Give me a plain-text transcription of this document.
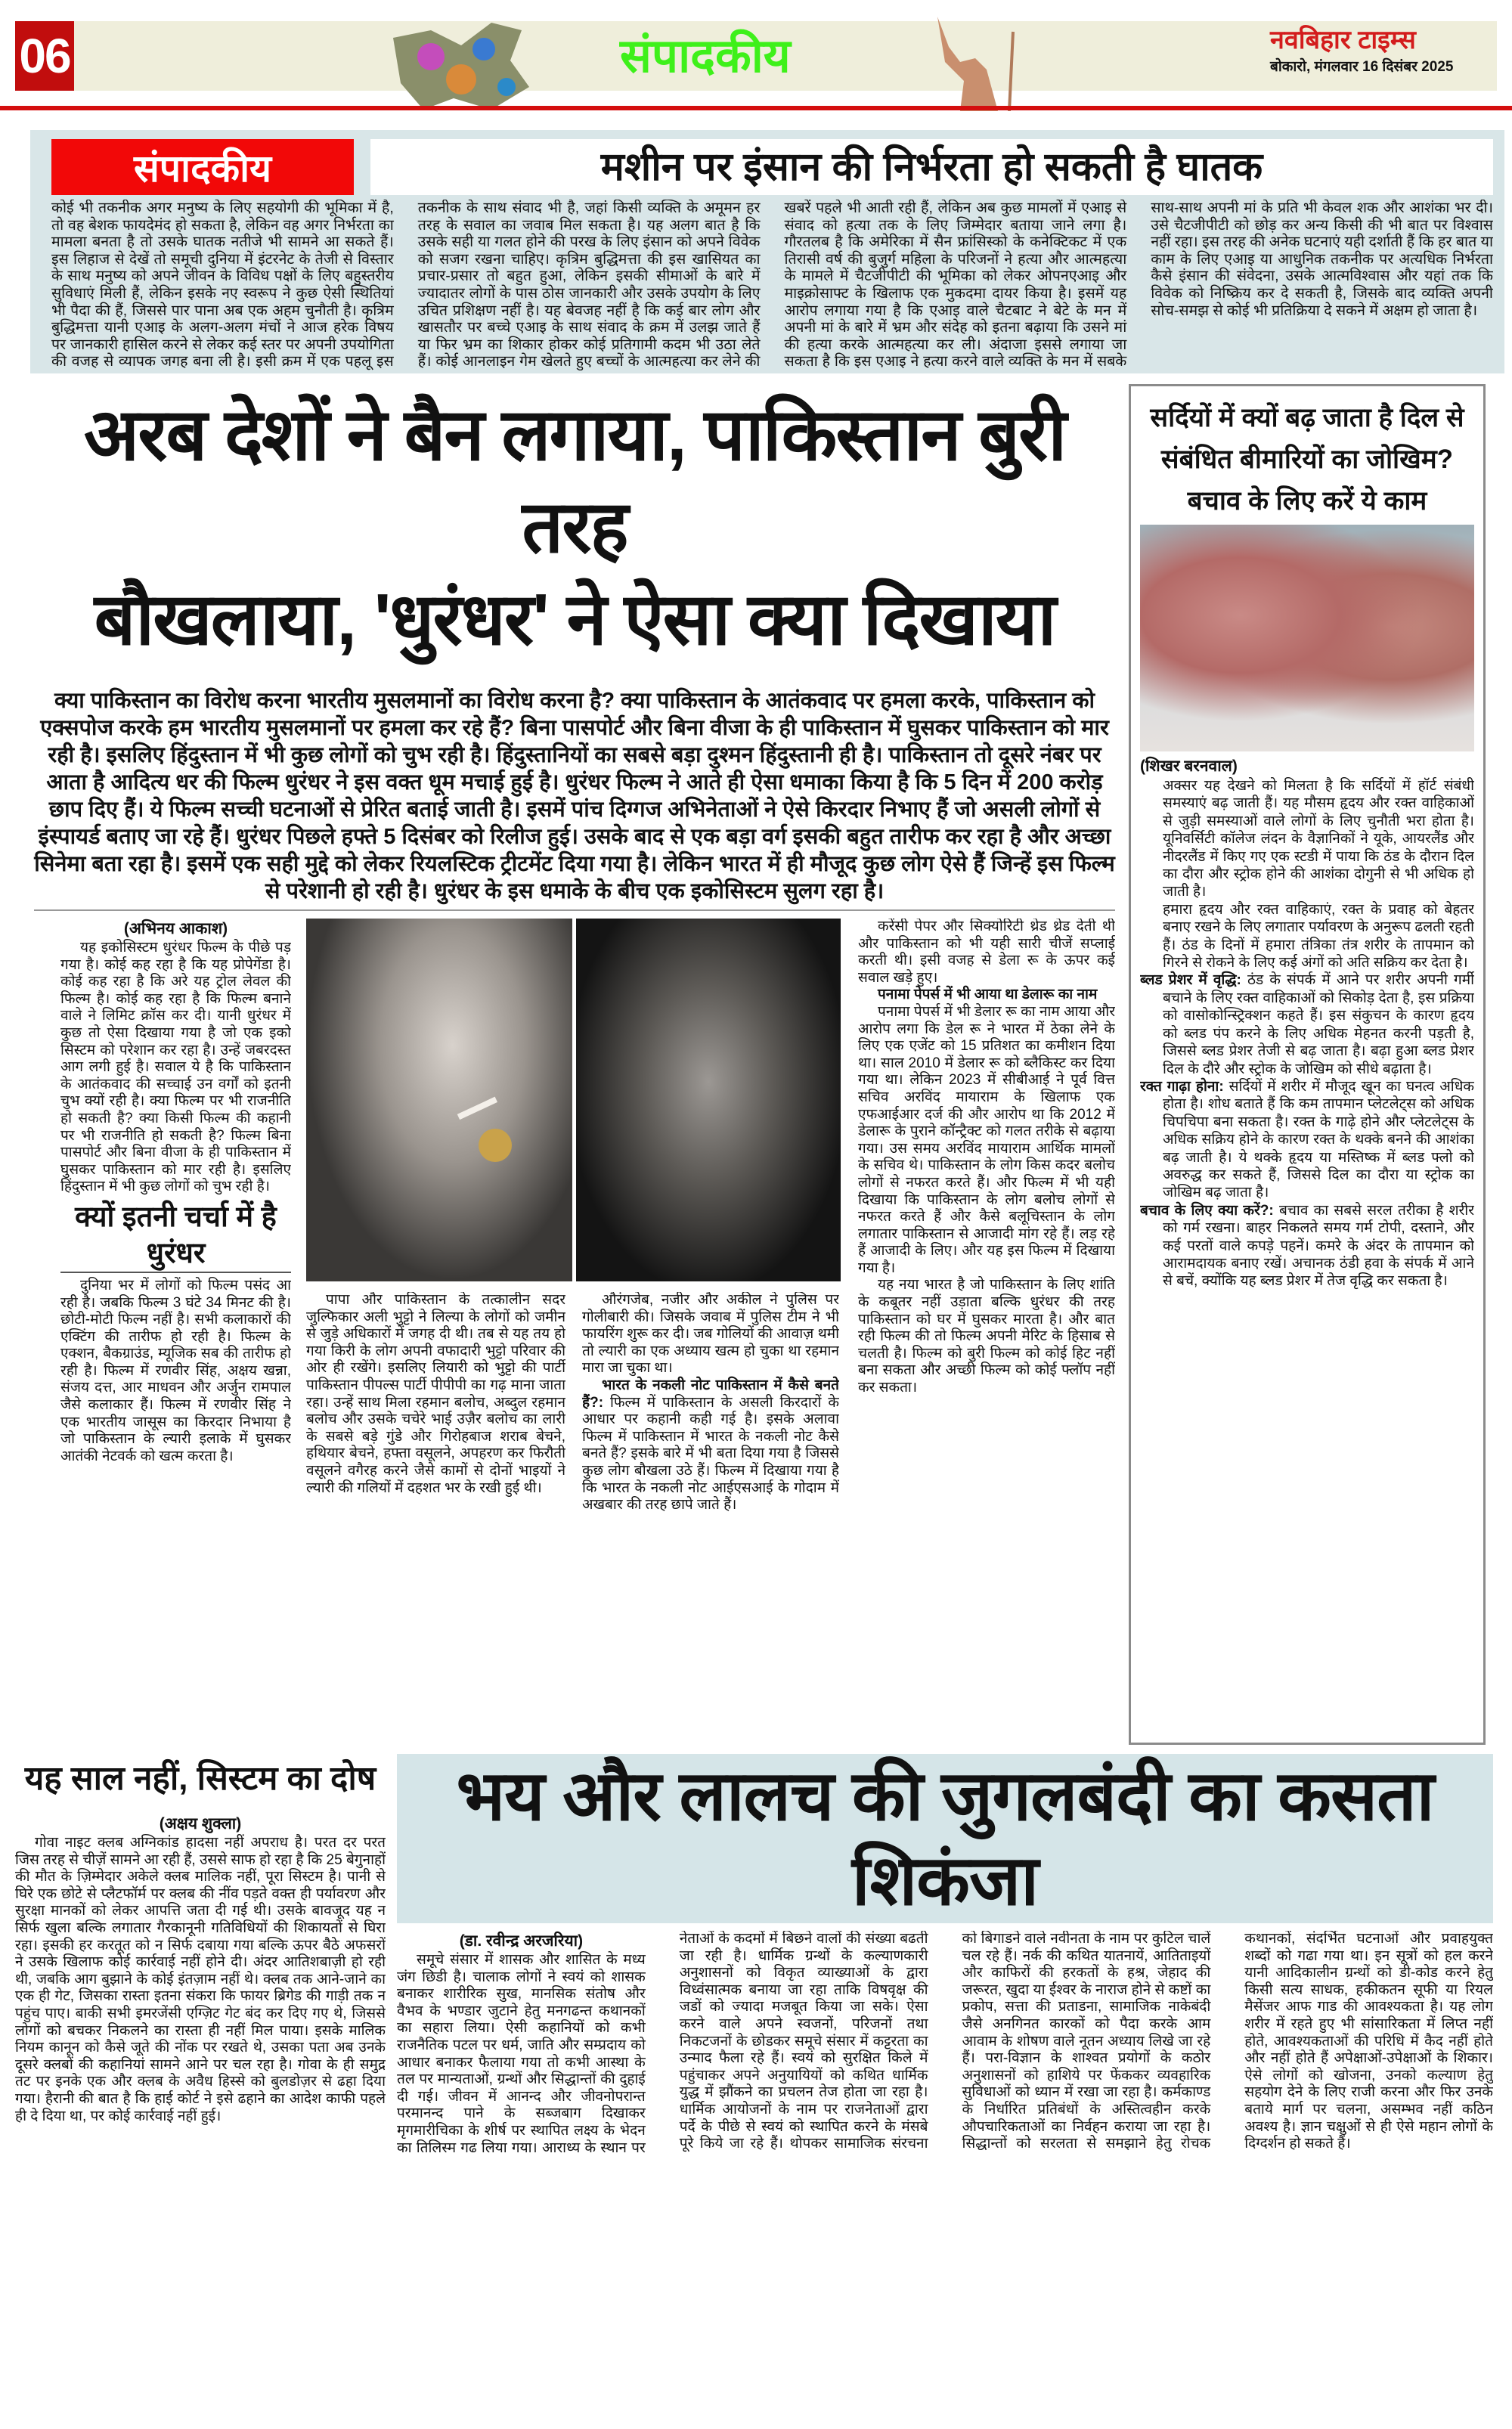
06	संपादकीय	नवबिहार टाइम्स
बोकारो, मंगलवार 16 दिसंबर 2025
संपादकीय	मशीन पर इंसान की निर्भरता हो सकती है घातक

कोई भी तकनीक अगर मनुष्य के लिए सहयोगी की भूमिका में है, तो वह बेशक फायदेमंद हो सकता है, लेकिन वह अगर निर्भरता का मामला बनता है तो उसके घातक नतीजे भी सामने आ सकते हैं। इस लिहाज से देखें तो समूची दुनिया में इंटरनेट के तेजी से विस्तार के साथ मनुष्य को अपने जीवन के विविध पक्षों के लिए बहुस्तरीय सुविधाएं मिली हैं, लेकिन इसके नए स्वरूप ने कुछ ऐसी स्थितियां भी पैदा की हैं, जिससे पार पाना अब एक अहम चुनौती है। कृत्रिम बुद्धिमत्ता यानी एआइ के अलग-अलग मंचों ने आज हरेक विषय पर जानकारी हासिल करने से लेकर कई स्तर पर अपनी उपयोगिता की वजह से व्यापक जगह बना ली है। इसी क्रम में एक पहलू इस तकनीक के साथ संवाद भी है, जहां किसी व्यक्ति के अमूमन हर तरह के सवाल का जवाब मिल सकता है। यह अलग बात है कि उसके सही या गलत होने की परख के लिए इंसान को अपने विवेक को सजग रखना चाहिए। कृत्रिम बुद्धिमत्ता की इस खासियत का प्रचार-प्रसार तो बहुत हुआ, लेकिन इसकी सीमाओं के बारे में ज्यादातर लोगों के पास ठोस जानकारी और उसके उपयोग के लिए उचित प्रशिक्षण नहीं है। यह बेवजह नहीं है कि कई बार लोग और खासतौर पर बच्चे एआइ के साथ संवाद के क्रम में उलझ जाते हैं या फिर भ्रम का शिकार होकर कोई प्रतिगामी कदम भी उठा लेते हैं। कोई आनलाइन गेम खेलते हुए बच्चों के आत्महत्या कर लेने की खबरें पहले भी आती रही हैं, लेकिन अब कुछ मामलों में एआइ से संवाद को हत्या तक के लिए जिम्मेदार बताया जाने लगा है। गौरतलब है कि अमेरिका में सैन फ्रांसिस्को के कनेक्टिकट में एक तिरासी वर्ष की बुजुर्ग महिला के परिजनों ने हत्या और आत्महत्या के मामले में चैटजीपीटी की भूमिका को लेकर ओपनएआइ और माइक्रोसाफ्ट के खिलाफ एक मुकदमा दायर किया है। इसमें यह आरोप लगाया गया है कि एआइ वाले चैटबाट ने बेटे के मन में अपनी मां के बारे में भ्रम और संदेह को इतना बढ़ाया कि उसने मां की हत्या करके आत्महत्या कर ली। अंदाजा इससे लगाया जा सकता है कि इस एआइ ने हत्या करने वाले व्यक्ति के मन में सबके साथ-साथ अपनी मां के प्रति भी केवल शक और आशंका भर दी। उसे चैटजीपीटी को छोड़ कर अन्य किसी की भी बात पर विश्वास नहीं रहा। इस तरह की अनेक घटनाएं यही दर्शाती हैं कि हर बात या काम के लिए एआइ या आधुनिक तकनीक पर अत्यधिक निर्भरता कैसे इंसान की संवेदना, उसके आत्मविश्वास और यहां तक कि विवेक को निष्क्रिय कर दे सकती है, जिसके बाद व्यक्ति अपनी सोच-समझ से कोई भी प्रतिक्रिया दे सकने में अक्षम हो जाता है।

अरब देशों ने बैन लगाया, पाकिस्तान बुरी तरह
बौखलाया, 'धुरंधर' ने ऐसा क्या दिखाया
क्या पाकिस्तान का विरोध करना भारतीय मुसलमानों का विरोध करना है? क्या पाकिस्तान के आतंकवाद पर हमला करके, पाकिस्तान को एक्सपोज करके हम भारतीय मुसलमानों पर हमला कर रहे हैं? बिना पासपोर्ट और बिना वीजा के ही पाकिस्तान में घुसकर पाकिस्तान को मार रही है। इसलिए हिंदुस्तान में भी कुछ लोगों को चुभ रही है। हिंदुस्तानियों का सबसे बड़ा दुश्मन हिंदुस्तानी ही है। पाकिस्तान तो दूसरे नंबर पर आता है आदित्य धर की फिल्म धुरंधर ने इस वक्त धूम मचाई हुई है। धुरंधर फिल्म ने आते ही ऐसा धमाका किया है कि 5 दिन में 200 करोड़ छाप दिए हैं। ये फिल्म सच्ची घटनाओं से प्रेरित बताई जाती है। इसमें पांच दिग्गज अभिनेताओं ने ऐसे किरदार निभाए हैं जो असली लोगों से इंस्पायर्ड बताए जा रहे हैं। धुरंधर पिछले हफ्ते 5 दिसंबर को रिलीज हुई। उसके बाद से एक बड़ा वर्ग इसकी बहुत तारीफ कर रहा है और अच्छा सिनेमा बता रहा है। इसमें एक सही मुद्दे को लेकर रियलस्टिक ट्रीटमेंट दिया गया है। लेकिन भारत में ही मौजूद कुछ लोग ऐसे हैं जिन्हें इस फिल्म से परेशानी हो रही है। धुरंधर के इस धमाके के बीच एक इकोसिस्टम सुलग रहा है।

(अभिनय आकाश)

यह इकोसिस्टम धुरंधर फिल्म के पीछे पड़ गया है। कोई कह रहा है कि यह प्रोपेगेंडा है। कोई कह रहा है कि अरे यह ट्रोल लेवल की फिल्म है। कोई कह रहा है कि फिल्म बनाने वाले ने लिमिट क्रॉस कर दी। यानी धुरंधर में कुछ तो ऐसा दिखाया गया है जो एक इको सिस्टम को परेशान कर रहा है। उन्हें जबरदस्त आग लगी हुई है। सवाल ये है कि पाकिस्तान के आतंकवाद की सच्चाई उन वर्गों को इतनी चुभ क्यों रही है। क्या फिल्म पर भी राजनीति हो सकती है? क्या किसी फिल्म की कहानी पर भी राजनीति हो सकती है? फिल्म बिना पासपोर्ट और बिना वीजा के ही पाकिस्तान में घुसकर पाकिस्तान को मार रही है। इसलिए हिंदुस्तान में भी कुछ लोगों को चुभ रही है।

क्यों इतनी चर्चा में है धुरंधर

दुनिया भर में लोगों को फिल्म पसंद आ रही है। जबकि फिल्म 3 घंटे 34 मिनट की है। छोटी-मोटी फिल्म नहीं है। सभी कलाकारों की एक्टिंग की तारीफ हो रही है। फिल्म के एक्शन, बैकग्राउंड, म्यूजिक सब की तारीफ हो रही है। फिल्म में रणवीर सिंह, अक्षय खन्ना, संजय दत्त, आर माधवन और अर्जुन रामपाल जैसे कलाकार हैं। फिल्म में रणवीर सिंह ने एक भारतीय जासूस का किरदार निभाया है जो पाकिस्तान के ल्यारी इलाके में घुसकर आतंकी नेटवर्क को खत्म करता है।

पापा और पाकिस्तान के तत्कालीन सदर जुल्फिकार अली भुट्टो ने लिल्या के लोगों को जमीन से जुड़े अधिकारों में जगह दी थी। तब से यह तय हो गया किरी के लोग अपनी वफादारी भुट्टो परिवार की ओर ही रखेंगे। इसलिए लियारी को भुट्टो की पार्टी पाकिस्तान पीपल्स पार्टी पीपीपी का गढ़ माना जाता रहा। उन्हें साथ मिला रहमान बलोच, अब्दुल रहमान बलोच और उसके चचेरे भाई उज़ैर बलोच का लारी के सबसे बड़े गुंडे और गिरोहबाज शराब बेचने, हथियार बेचने, हफ्ता वसूलने, अपहरण कर फिरौती वसूलने वगैरह करने जैसे कामों से दोनों भाइयों ने ल्यारी की गलियों में दहशत भर के रखी हुई थी।

औरंगजेब, नजीर और अकील ने पुलिस पर गोलीबारी की। जिसके जवाब में पुलिस टीम ने भी फायरिंग शुरू कर दी। जब गोलियों की आवाज़ थमी तो ल्यारी का एक अध्याय खत्म हो चुका था रहमान मारा जा चुका था।

भारत के नकली नोट पाकिस्तान में कैसे बनते हैं?: फिल्म में पाकिस्तान के असली किरदारों के आधार पर कहानी कही गई है। इसके अलावा फिल्म में पाकिस्तान में भारत के नकली नोट कैसे बनते हैं? इसके बारे में भी बता दिया गया है जिससे कुछ लोग बौखला उठे हैं। फिल्म में दिखाया गया है कि भारत के नकली नोट आईएसआई के गोदाम में अखबार की तरह छापे जाते हैं।

करेंसी पेपर और सिक्योरिटी थ्रेड थ्रेड देती थी और पाकिस्तान को भी यही सारी चीजें सप्लाई करती थी। इसी वजह से डेला रू के ऊपर कई सवाल खड़े हुए।

पनामा पेपर्स में भी आया था डेलारू का नाम

पनामा पेपर्स में भी डेलार रू का नाम आया और आरोप लगा कि डेल रू ने भारत में ठेका लेने के लिए एक एजेंट को 15 प्रतिशत का कमीशन दिया था। साल 2010 में डेलार रू को ब्लैकिस्ट कर दिया गया था। लेकिन 2023 में सीबीआई ने पूर्व वित्त सचिव अरविंद मायाराम के खिलाफ एक एफआईआर दर्ज की और आरोप था कि 2012 में डेलारू के पुराने कॉन्ट्रैक्ट को गलत तरीके से बढ़ाया गया। उस समय अरविंद मायाराम आर्थिक मामलों के सचिव थे। पाकिस्तान के लोग किस कदर बलोच लोगों से नफरत करते हैं। और फिल्म में भी यही दिखाया कि पाकिस्तान के लोग बलोच लोगों से नफरत करते हैं और कैसे बलूचिस्तान के लोग लगातार पाकिस्तान से आजादी मांग रहे हैं। लड़ रहे हैं आजादी के लिए। और यह इस फिल्म में दिखाया गया है।

यह नया भारत है जो पाकिस्तान के लिए शांति के कबूतर नहीं उड़ाता बल्कि धुरंधर की तरह पाकिस्तान को घर में घुसकर मारता है। और बात रही फिल्म की तो फिल्म अपनी मेरिट के हिसाब से चलती है। फिल्म को बुरी फिल्म को कोई हिट नहीं बना सकता और अच्छी फिल्म को कोई फ्लॉप नहीं कर सकता।

सर्दियों में क्यों बढ़ जाता है दिल से संबंधित बीमारियों का जोखिम? बचाव के लिए करें ये काम

(शिखर बरनवाल)

अक्सर यह देखने को मिलता है कि सर्दियों में हॉर्ट संबंधी समस्याएं बढ़ जाती हैं। यह मौसम हृदय और रक्त वाहिकाओं से जुड़ी समस्याओं वाले लोगों के लिए चुनौती भरा होता है। यूनिवर्सिटी कॉलेज लंदन के वैज्ञानिकों ने यूके, आयरलैंड और नीदरलैंड में किए गए एक स्टडी में पाया कि ठंड के दौरान दिल का दौरा और स्ट्रोक होने की आशंका दोगुनी से भी अधिक हो जाती है।

हमारा हृदय और रक्त वाहिकाएं, रक्त के प्रवाह को बेहतर बनाए रखने के लिए लगातार पर्यावरण के अनुरूप ढलती रहती हैं। ठंड के दिनों में हमारा तंत्रिका तंत्र शरीर के तापमान को गिरने से रोकने के लिए कई अंगों को अति सक्रिय कर देता है।

ब्लड प्रेशर में वृद्धि: ठंड के संपर्क में आने पर शरीर अपनी गर्मी बचाने के लिए रक्त वाहिकाओं को सिकोड़ देता है, इस प्रक्रिया को वासोकोन्स्ट्रिक्शन कहते हैं। इस संकुचन के कारण हृदय को ब्लड पंप करने के लिए अधिक मेहनत करनी पड़ती है, जिससे ब्लड प्रेशर तेजी से बढ़ जाता है। बढ़ा हुआ ब्लड प्रेशर दिल के दौरे और स्ट्रोक के जोखिम को सीधे बढ़ाता है।

रक्त गाढ़ा होना: सर्दियों में शरीर में मौजूद खून का घनत्व अधिक होता है। शोध बताते हैं कि कम तापमान प्लेटलेट्स को अधिक चिपचिपा बना सकता है। रक्त के गाढ़े होने और प्लेटलेट्स के अधिक सक्रिय होने के कारण रक्त के थक्के बनने की आशंका बढ़ जाती है। ये थक्के हृदय या मस्तिष्क में ब्लड फ्लो को अवरुद्ध कर सकते हैं, जिससे दिल का दौरा या स्ट्रोक का जोखिम बढ़ जाता है।

बचाव के लिए क्या करें?: बचाव का सबसे सरल तरीका है शरीर को गर्म रखना। बाहर निकलते समय गर्म टोपी, दस्ताने, और कई परतों वाले कपड़े पहनें। कमरे के अंदर के तापमान को आरामदायक बनाए रखें। अचानक ठंडी हवा के संपर्क में आने से बचें, क्योंकि यह ब्लड प्रेशर में तेज वृद्धि कर सकता है।

यह साल नहीं, सिस्टम का दोष

(अक्षय शुक्ला)

गोवा नाइट क्लब अग्निकांड हादसा नहीं अपराध है। परत दर परत जिस तरह से चीज़ें सामने आ रही हैं, उससे साफ हो रहा है कि 25 बेगुनाहों की मौत के ज़िम्मेदार अकेले क्लब मालिक नहीं, पूरा सिस्टम है। पानी से घिरे एक छोटे से प्लैटफॉर्म पर क्लब की नींव पड़ते वक्त ही पर्यावरण और सुरक्षा मानकों को लेकर आपत्ति जता दी गई थी। उसके बावजूद यह न सिर्फ खुला बल्कि लगातार गैरकानूनी गतिविधियों की शिकायतों से घिरा रहा। इसकी हर करतूत को न सिर्फ दबाया गया बल्कि ऊपर बैठे अफसरों ने उसके खिलाफ कोई कार्रवाई नहीं होने दी। अंदर आतिशबाज़ी हो रही थी, जबकि आग बुझाने के कोई इंतज़ाम नहीं थे। क्लब तक आने-जाने का एक ही गेट, जिसका रास्ता इतना संकरा कि फायर ब्रिगेड की गाड़ी तक न पहुंच पाए। बाकी सभी इमरजेंसी एग्ज़िट गेट बंद कर दिए गए थे, जिससे लोगों को बचकर निकलने का रास्ता ही नहीं मिल पाया। इसके मालिक नियम कानून को कैसे जूते की नोंक पर रखते थे, उसका पता अब उनके दूसरे क्लबों की कहानियां सामने आने पर चल रहा है। गोवा के ही समुद्र तट पर इनके एक और क्लब के अवैध हिस्से को बुलडोज़र से ढहा दिया गया। हैरानी की बात है कि हाई कोर्ट ने इसे ढहाने का आदेश काफी पहले ही दे दिया था, पर कोई कार्रवाई नहीं हुई।

भय और लालच की जुगलबंदी का कसता शिकंजा

(डा. रवीन्द्र अरजरिया)

समूचे संसार में शासक और शासित के मध्य जंग छिडी है। चालाक लोगों ने स्वयं को शासक बनाकर शारीरिक सुख, मानसिक संतोष और वैभव के भण्डार जुटाने हेतु मनगढन्त कथानकों का सहारा लिया। ऐसी कहानियों को कभी राजनैतिक पटल पर धर्म, जाति और सम्प्रदाय को आधार बनाकर फैलाया गया तो कभी आस्था के तल पर मान्यताओं, ग्रन्थों और सिद्धान्तों की दुहाई दी गई। जीवन में आनन्द और जीवनोपरान्त परमानन्द पाने के सब्जबाग दिखाकर मृगमारीचिका के शीर्ष पर स्थापित लक्ष्य के भेदन का तिलिस्म गढ लिया गया। आराध्य के स्थान पर नेताओं के कदमों में बिछने वालों की संख्या बढती जा रही है। धार्मिक ग्रन्थों के कल्याणकारी अनुशासनों को विकृत व्याख्याओं के द्वारा विध्वंसात्मक बनाया जा रहा ताकि विषवृक्ष की जडों को ज्यादा मजबूत किया जा सके। ऐसा करने वाले अपने स्वजनों, परिजनों तथा निकटजनों के छोडकर समूचे संसार में कट्टरता का उन्माद फैला रहे हैं। स्वयं को सुरक्षित किले में पहुंचाकर अपने अनुयायियों को कथित धार्मिक युद्ध में झौंकने का प्रचलन तेज होता जा रहा है। धार्मिक आयोजनों के नाम पर राजनेताओं द्वारा पर्दे के पीछे से स्वयं को स्थापित करने के मंसबे पूरे किये जा रहे हैं। थोपकर सामाजिक संरचना को बिगाडने वाले नवीनता के नाम पर कुटिल चालें चल रहे हैं। नर्क की कथित यातनायें, आतिताइयों और काफिरों की हरकतों के हश्र, जेहाद की जरूरत, खुदा या ईश्वर के नाराज होने से कष्टों का प्रकोप, सत्ता की प्रताडना, सामाजिक नाकेबंदी जैसे अनगिनत कारकों को पैदा करके आम आवाम के शोषण वाले नूतन अध्याय लिखे जा रहे हैं। परा-विज्ञान के शाश्वत प्रयोगों के कठोर अनुशासनों को हाशिये पर फेंककर व्यवहारिक सुविधाओं को ध्यान में रखा जा रहा है। कर्मकाण्ड के निर्धारित प्रतिबंधों के अस्तित्वहीन करके औपचारिकताओं का निर्वहन कराया जा रहा है। सिद्धान्तों को सरलता से समझाने हेतु रोचक कथानकों, संदर्भित घटनाओं और प्रवाहयुक्त शब्दों को गढा गया था। इन सूत्रों को हल करने यानी आदिकालीन ग्रन्थों को डी-कोड करने हेतु किसी सत्य साधक, हकीकतन सूफी या रियल मैसेंजर आफ गाड की आवश्यकता है। यह लोग शरीर में रहते हुए भी सांसारिकता में लिप्त नहीं होते, आवश्यकताओं की परिधि में कैद नहीं होते और नहीं होते हैं अपेक्षाओं-उपेक्षाओं के शिकार। ऐसे लोगों को खोजना, उनको कल्याण हेतु सहयोग देने के लिए राजी करना और फिर उनके बताये मार्ग पर चलना, असम्भव नहीं कठिन अवश्य है। ज्ञान चक्षुओं से ही ऐसे महान लोगों के दिग्दर्शन हो सकते हैं।
